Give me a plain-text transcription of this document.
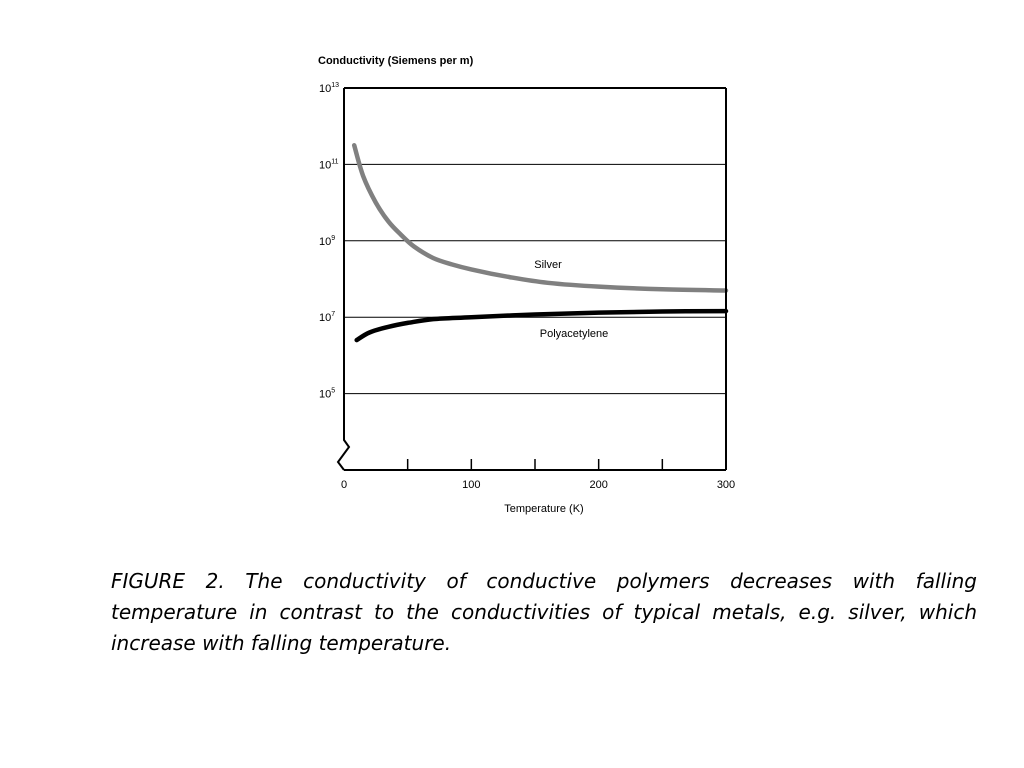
Conductivity (Siemens per m)
0	100	200	300
$10^5$
$10^7$
$10^9$
$10^{11}$
$10^{13}$
Silver
Polyacetylene
Temperature (K)

FIGURE 2. The conductivity of conductive polymers decreases with falling temperature in contrast to the conductivities of typical metals, e.g. silver, which increase with falling temperature.
